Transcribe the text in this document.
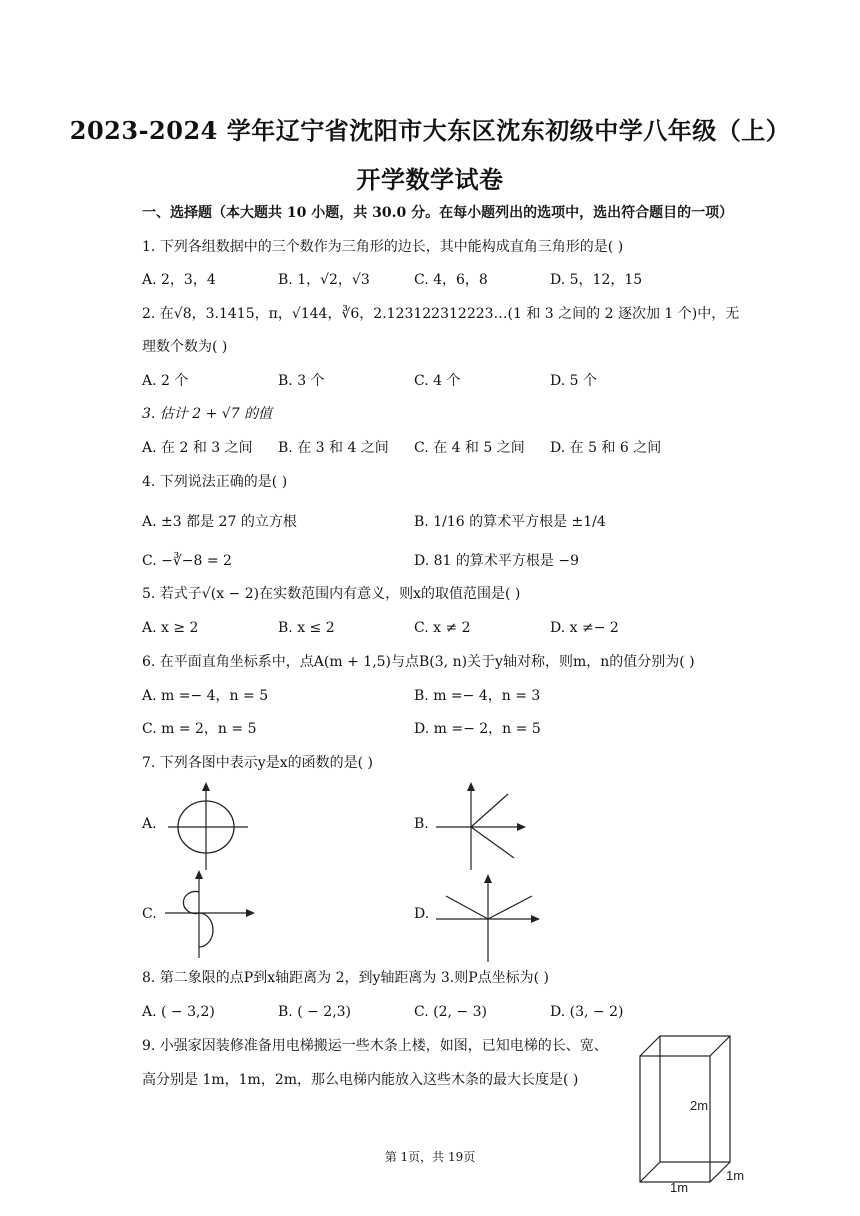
2023-2024 学年辽宁省沈阳市大东区沈东初级中学八年级（上）
开学数学试卷
一、选择题（本大题共 10 小题，共 30.0 分。在每小题列出的选项中，选出符合题目的一项）
1. 下列各组数据中的三个数作为三角形的边长，其中能构成直角三角形的是( )
A. 2，3，4	B. 1，√2，√3	C. 4，6，8	D. 5，12，15
2. 在√8，3.1415，π，√144，∛6，2.123122312223…(1 和 3 之间的 2 逐次加 1 个)中，无
理数个数为( )
A. 2 个	B. 3 个	C. 4 个	D. 5 个
3. 估计 2 + √7 的值
A. 在 2 和 3 之间 B. 在 3 和 4 之间 C. 在 4 和 5 之间 D. 在 5 和 6 之间
4. 下列说法正确的是( )
A. ±3 都是 27 的立方根	B. 1/16 的算术平方根是 ±1/4
C. −∛−8 = 2	D. 81 的算术平方根是 −9
5. 若式子√(x − 2)在实数范围内有意义，则x的取值范围是( )
A. x ≥ 2	B. x ≤ 2	C. x ≠ 2	D. x ≠− 2
6. 在平面直角坐标系中，点A(m + 1,5)与点B(3, n)关于y轴对称，则m，n的值分别为( )
A. m =− 4，n = 5	B. m =− 4，n = 3
C. m = 2，n = 5	D. m =− 2，n = 5
7. 下列各图中表示y是x的函数的是( )
A.	B.
C.	D.
8. 第二象限的点P到x轴距离为 2，到y轴距离为 3.则P点坐标为( )
A. ( − 3,2)	B. ( − 2,3)	C. (2, − 3)	D. (3, − 2)
9. 小强家因装修准备用电梯搬运一些木条上楼，如图，已知电梯的长、宽、
高分别是 1m，1m，2m，那么电梯内能放入这些木条的最大长度是( )
2m
1m
1m
第 1页，共 19页
